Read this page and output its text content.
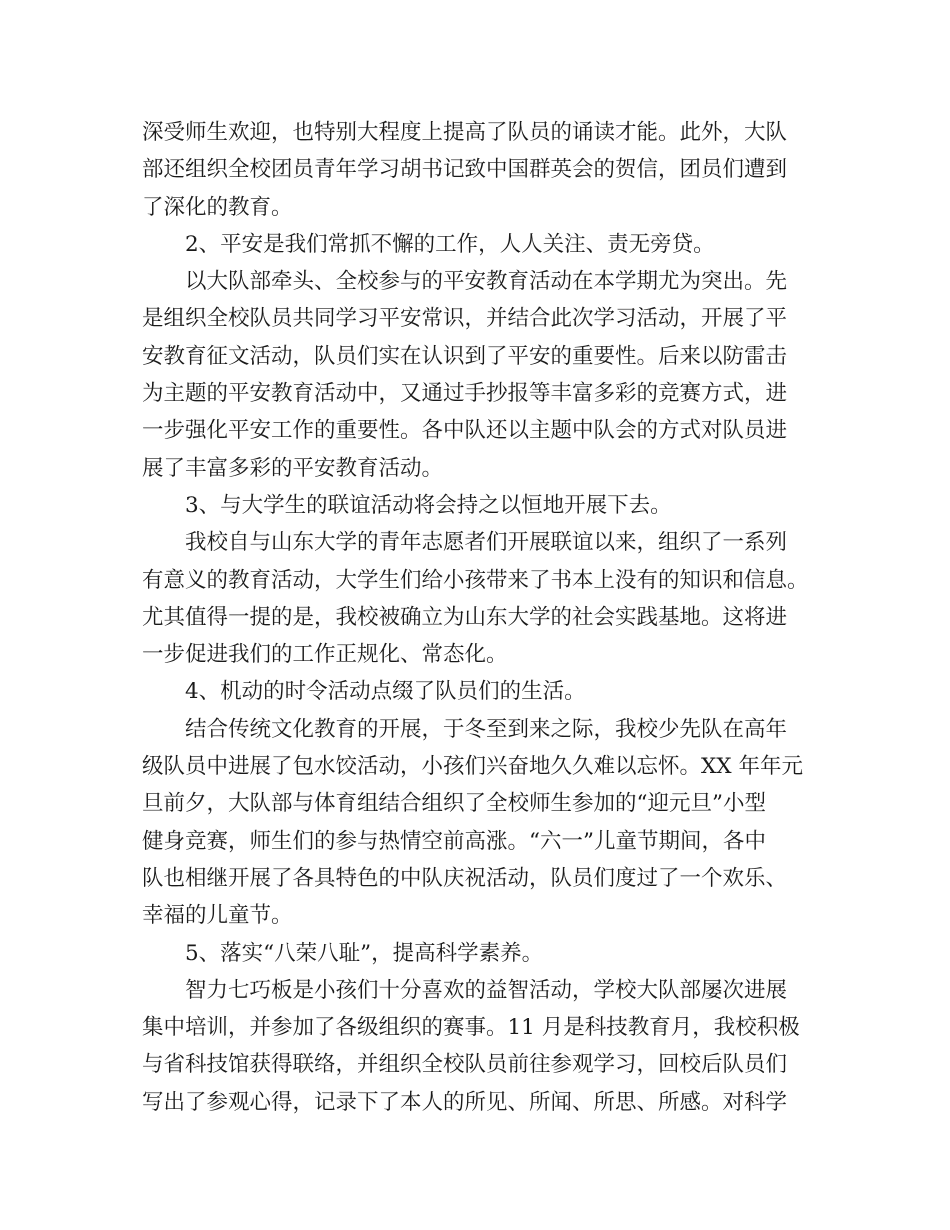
深受师生欢迎，也特别大程度上提高了队员的诵读才能。此外，大队
部还组织全校团员青年学习胡书记致中国群英会的贺信，团员们遭到
了深化的教育。
2、平安是我们常抓不懈的工作，人人关注、责无旁贷。
以大队部牵头、全校参与的平安教育活动在本学期尤为突出。先
是组织全校队员共同学习平安常识，并结合此次学习活动，开展了平
安教育征文活动，队员们实在认识到了平安的重要性。后来以防雷击
为主题的平安教育活动中，又通过手抄报等丰富多彩的竞赛方式，进
一步强化平安工作的重要性。各中队还以主题中队会的方式对队员进
展了丰富多彩的平安教育活动。
3、与大学生的联谊活动将会持之以恒地开展下去。
我校自与山东大学的青年志愿者们开展联谊以来，组织了一系列
有意义的教育活动，大学生们给小孩带来了书本上没有的知识和信息。
尤其值得一提的是，我校被确立为山东大学的社会实践基地。这将进
一步促进我们的工作正规化、常态化。
4、机动的时令活动点缀了队员们的生活。
结合传统文化教育的开展，于冬至到来之际，我校少先队在高年
级队员中进展了包水饺活动，小孩们兴奋地久久难以忘怀。XX 年年元
旦前夕，大队部与体育组结合组织了全校师生参加的“迎元旦”小型
健身竞赛，师生们的参与热情空前高涨。“六一”儿童节期间，各中
队也相继开展了各具特色的中队庆祝活动，队员们度过了一个欢乐、
幸福的儿童节。
5、落实“八荣八耻”，提高科学素养。
智力七巧板是小孩们十分喜欢的益智活动，学校大队部屡次进展
集中培训，并参加了各级组织的赛事。11 月是科技教育月，我校积极
与省科技馆获得联络，并组织全校队员前往参观学习，回校后队员们
写出了参观心得，记录下了本人的所见、所闻、所思、所感。对科学
